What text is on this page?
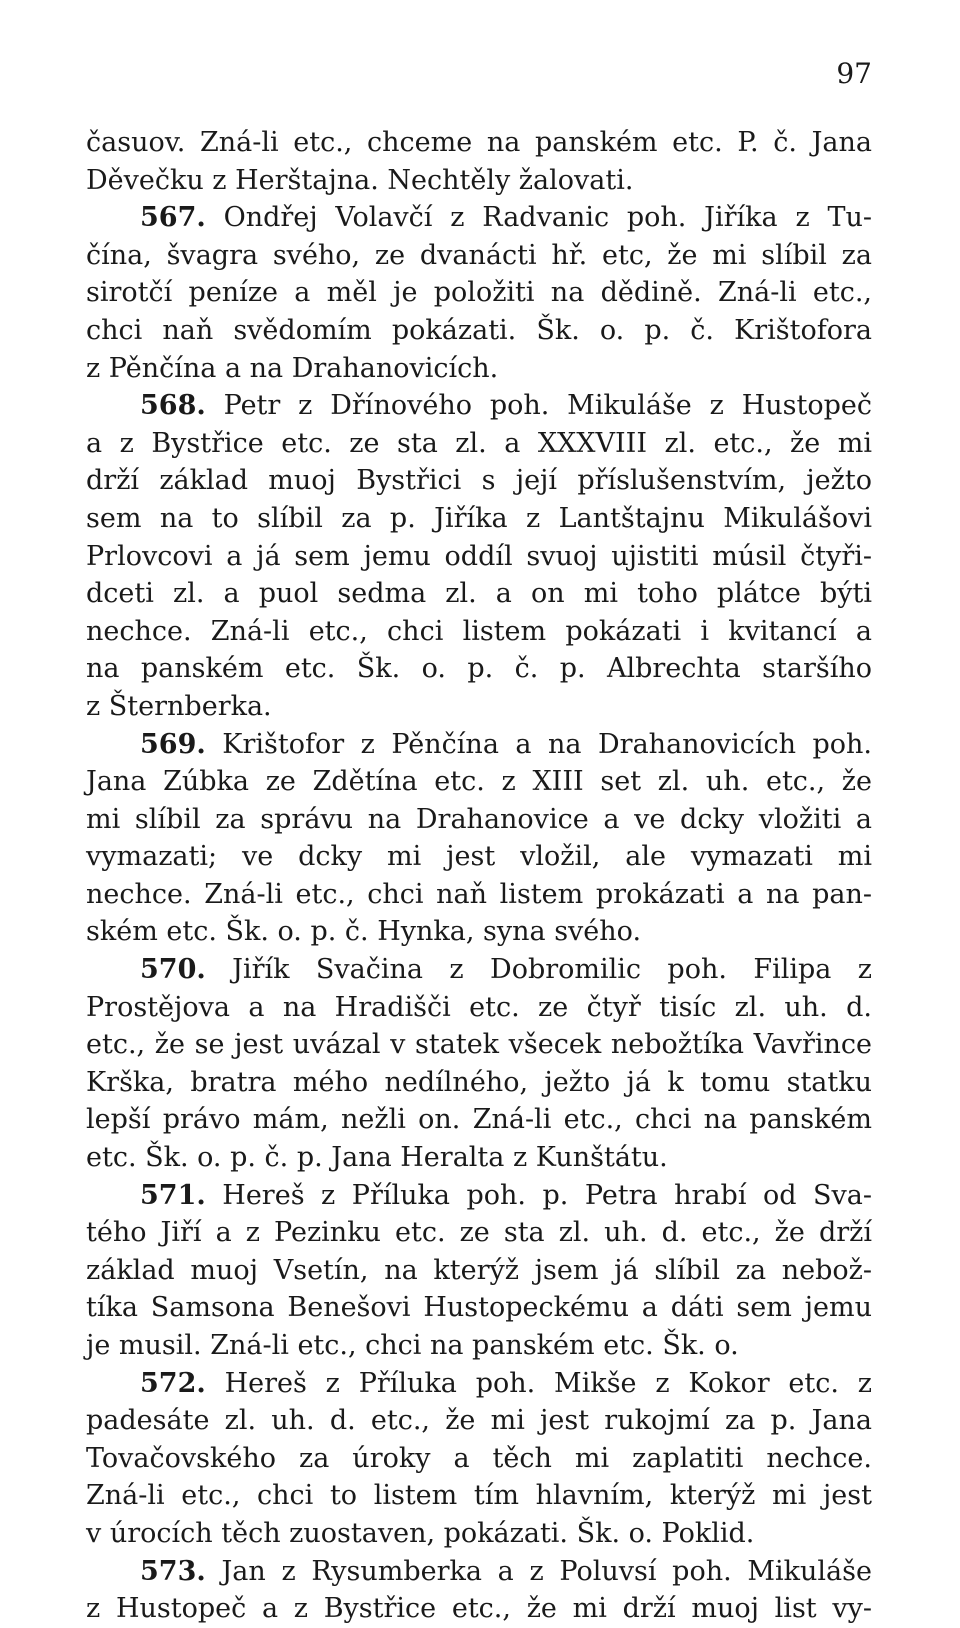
97
časuov. Zná-li etc., chceme na panském etc. P. č. Jana
Děvečku z Herštajna. Nechtěly žalovati.
567. Ondřej Volavčí z Radvanic poh. Jiříka z Tu-
čína, švagra svého, ze dvanácti hř. etc, že mi slíbil za
sirotčí peníze a měl je položiti na dědině. Zná-li etc.,
chci naň svědomím pokázati. Šk. o. p. č. Krištofora
z Pěnčína a na Drahanovicích.
568. Petr z Dřínového poh. Mikuláše z Hustopeč
a z Bystřice etc. ze sta zl. a XXXVIII zl. etc., že mi
drží základ muoj Bystřici s její příslušenstvím, ježto
sem na to slíbil za p. Jiříka z Lantštajnu Mikulášovi
Prlovcovi a já sem jemu oddíl svuoj ujistiti músil čtyři-
dceti zl. a puol sedma zl. a on mi toho plátce býti
nechce. Zná-li etc., chci listem pokázati i kvitancí a
na panském etc. Šk. o. p. č. p. Albrechta staršího
z Šternberka.
569. Krištofor z Pěnčína a na Drahanovicích poh.
Jana Zúbka ze Zdětína etc. z XIII set zl. uh. etc., že
mi slíbil za správu na Drahanovice a ve dcky vložiti a
vymazati; ve dcky mi jest vložil, ale vymazati mi
nechce. Zná-li etc., chci naň listem prokázati a na pan-
ském etc. Šk. o. p. č. Hynka, syna svého.
570. Jiřík Svačina z Dobromilic poh. Filipa z
Prostějova a na Hradišči etc. ze čtyř tisíc zl. uh. d.
etc., že se jest uvázal v statek všecek nebožtíka Vavřince
Krška, bratra mého nedílného, ježto já k tomu statku
lepší právo mám, nežli on. Zná-li etc., chci na panském
etc. Šk. o. p. č. p. Jana Heralta z Kunštátu.
571. Hereš z Příluka poh. p. Petra hrabí od Sva-
tého Jiří a z Pezinku etc. ze sta zl. uh. d. etc., že drží
základ muoj Vsetín, na kterýž jsem já slíbil za nebož-
tíka Samsona Benešovi Hustopeckému a dáti sem jemu
je musil. Zná-li etc., chci na panském etc. Šk. o.
572. Hereš z Příluka poh. Mikše z Kokor etc. z
padesáte zl. uh. d. etc., že mi jest rukojmí za p. Jana
Tovačovského za úroky a těch mi zaplatiti nechce.
Zná-li etc., chci to listem tím hlavním, kterýž mi jest
v úrocích těch zuostaven, pokázati. Šk. o. Poklid.
573. Jan z Rysumberka a z Poluvsí poh. Mikuláše
z Hustopeč a z Bystřice etc., že mi drží muoj list vy-
